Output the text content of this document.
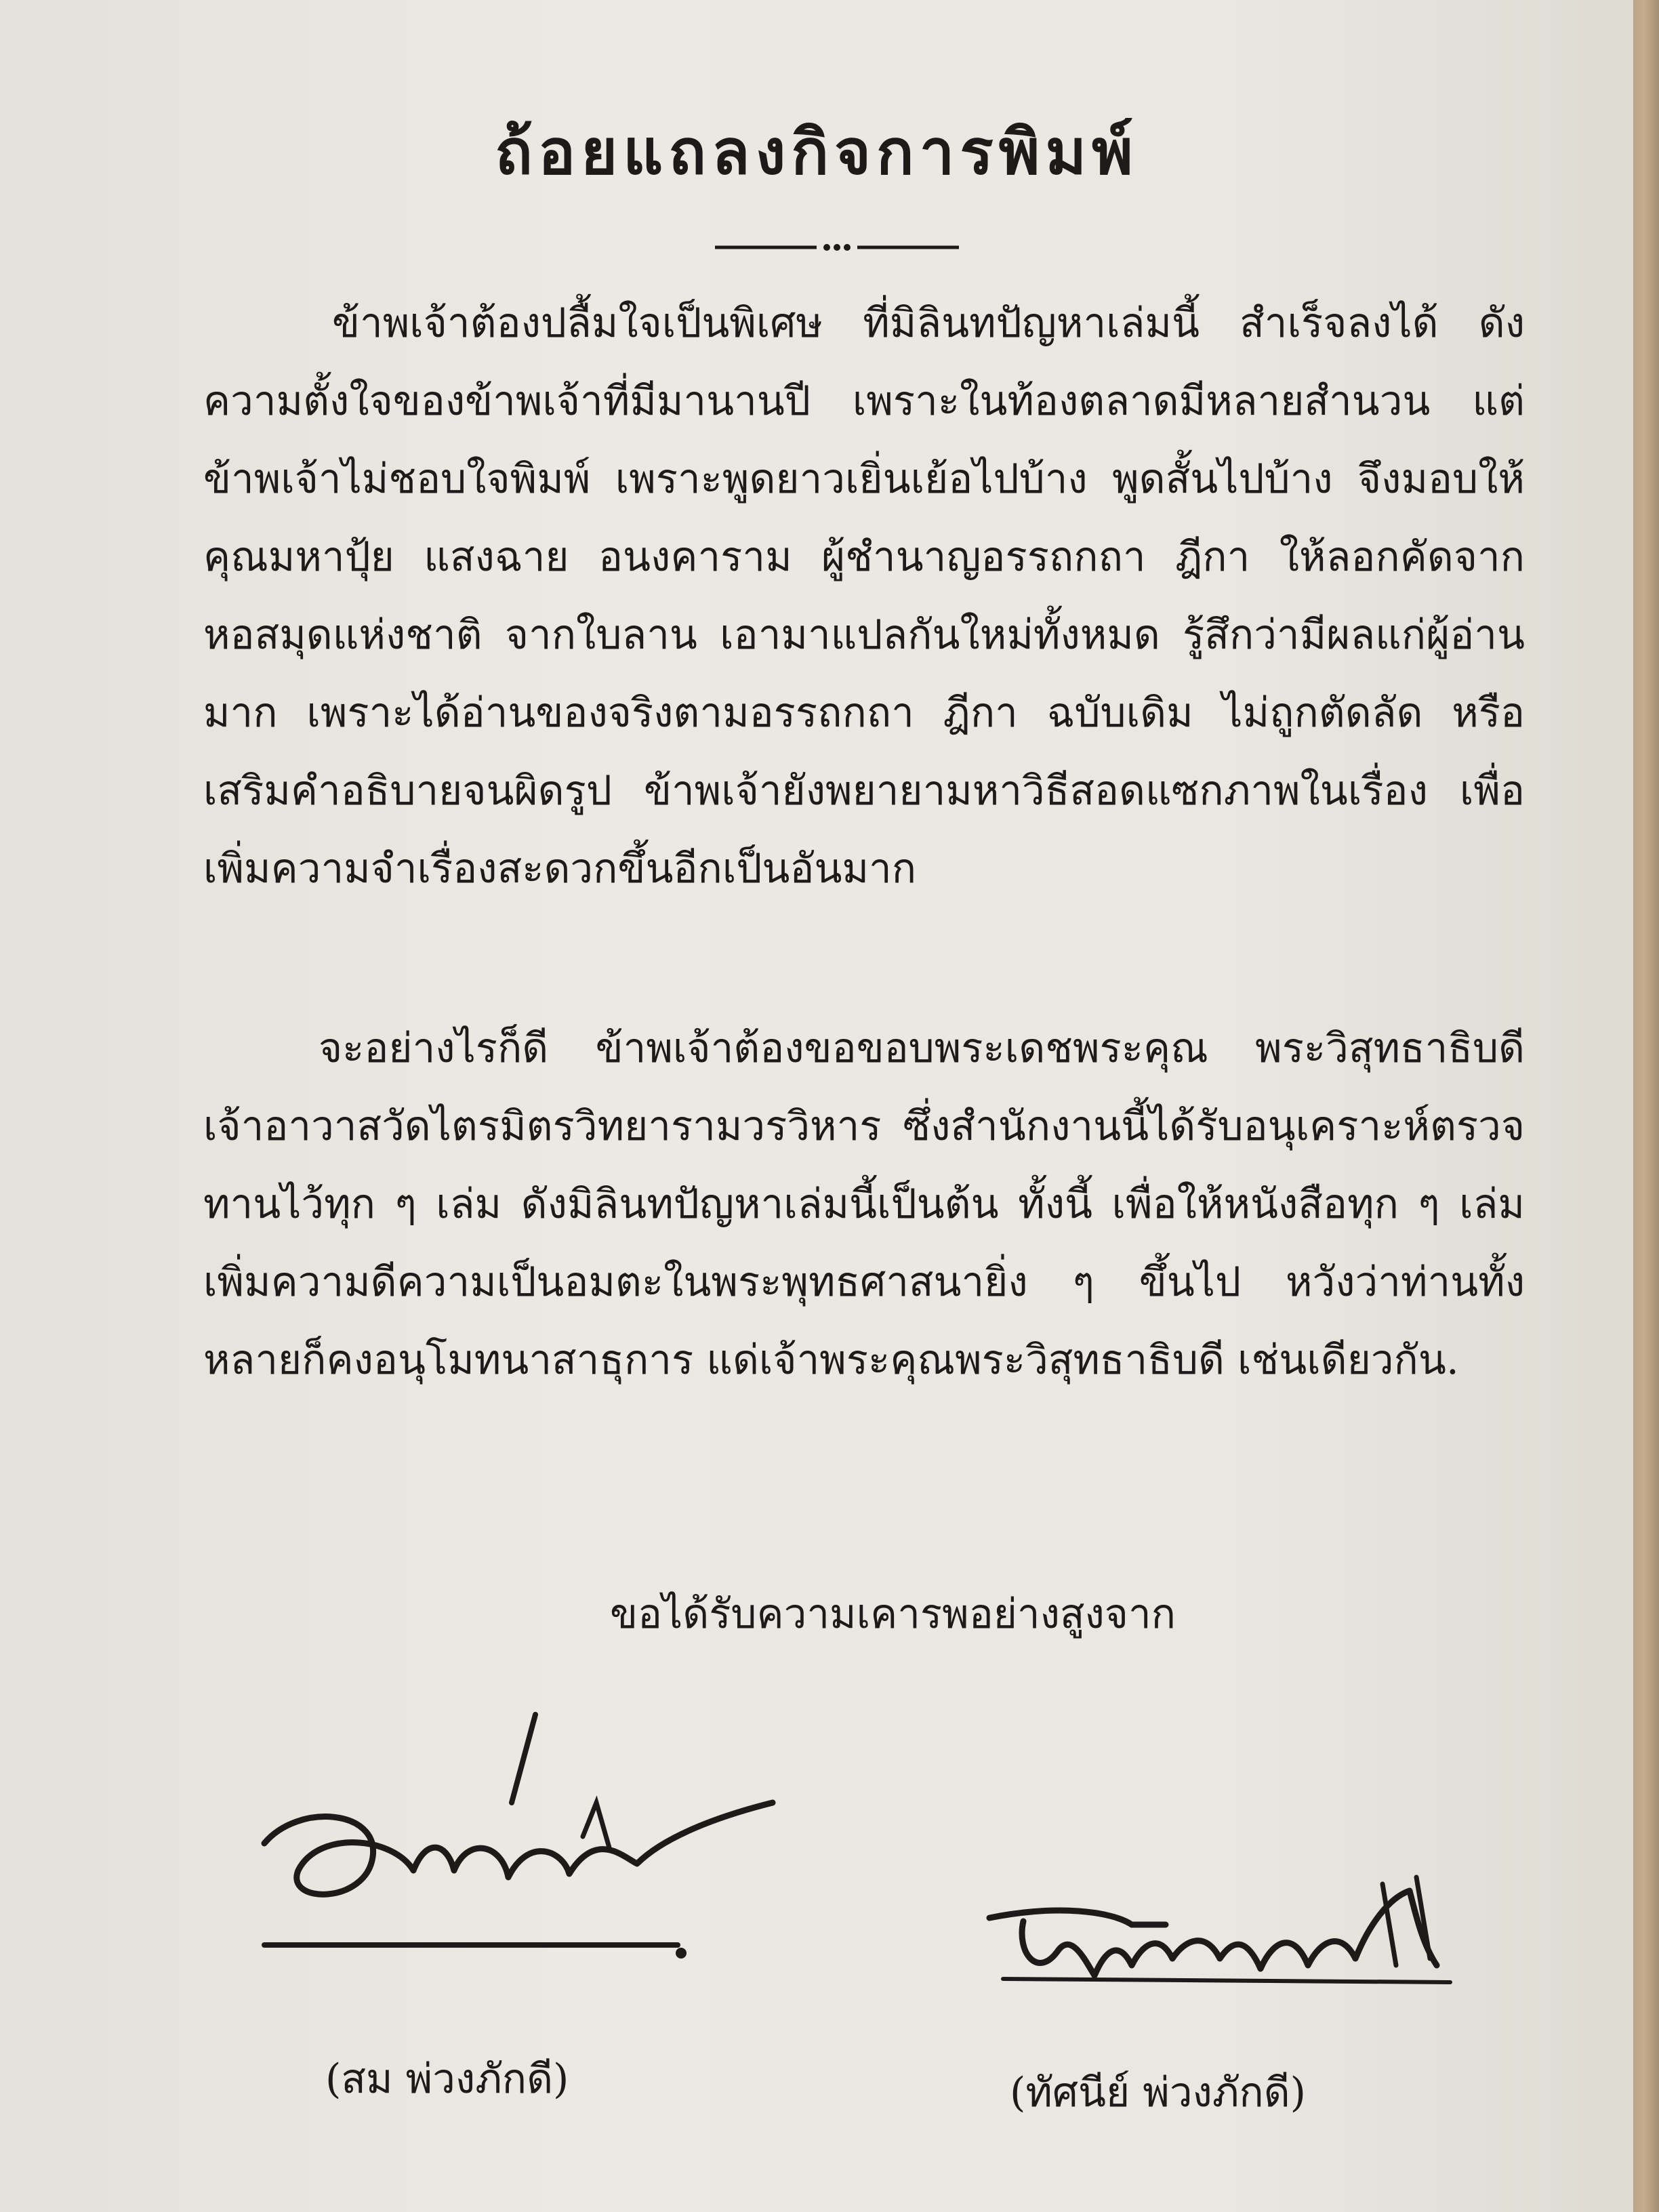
ถ้อยแถลงกิจการพิมพ์

ข้าพเจ้าต้องปลื้มใจเป็นพิเศษ ที่มิลินทปัญหาเล่มนี้ สำเร็จลงได้ ดังความตั้งใจของข้าพเจ้าที่มีมานานปี เพราะในท้องตลาดมีหลายสำนวน แต่ข้าพเจ้าไม่ชอบใจพิมพ์ เพราะพูดยาวเยิ่นเย้อไปบ้าง พูดสั้นไปบ้าง จึงมอบให้คุณมหาปุ้ย แสงฉาย อนงคาราม ผู้ชำนาญอรรถกถา ฎีกา ให้ลอกคัดจากหอสมุดแห่งชาติ จากใบลาน เอามาแปลกันใหม่ทั้งหมด รู้สึกว่ามีผลแก่ผู้อ่านมาก เพราะได้อ่านของจริงตามอรรถกถา ฎีกา ฉบับเดิม ไม่ถูกตัดลัด หรือเสริมคำอธิบายจนผิดรูป ข้าพเจ้ายังพยายามหาวิธีสอดแซกภาพในเรื่อง เพื่อเพิ่มความจำเรื่องสะดวกขึ้นอีกเป็นอันมาก

จะอย่างไรก็ดี ข้าพเจ้าต้องขอขอบพระเดชพระคุณ พระวิสุทธาธิบดี เจ้าอาวาสวัดไตรมิตรวิทยารามวรวิหาร ซึ่งสำนักงานนี้ได้รับอนุเคราะห์ตรวจทานไว้ทุก ๆ เล่ม ดังมิลินทปัญหาเล่มนี้เป็นต้น ทั้งนี้ เพื่อให้หนังสือทุก ๆ เล่ม เพิ่มความดีความเป็นอมตะในพระพุทธศาสนายิ่ง ๆ ขึ้นไป หวังว่าท่านทั้งหลายก็คงอนุโมทนาสาธุการ แด่เจ้าพระคุณพระวิสุทธาธิบดี เช่นเดียวกัน.

ขอได้รับความเคารพอย่างสูงจาก
(สม พ่วงภักดี)	(ทัศนีย์ พ่วงภักดี)
